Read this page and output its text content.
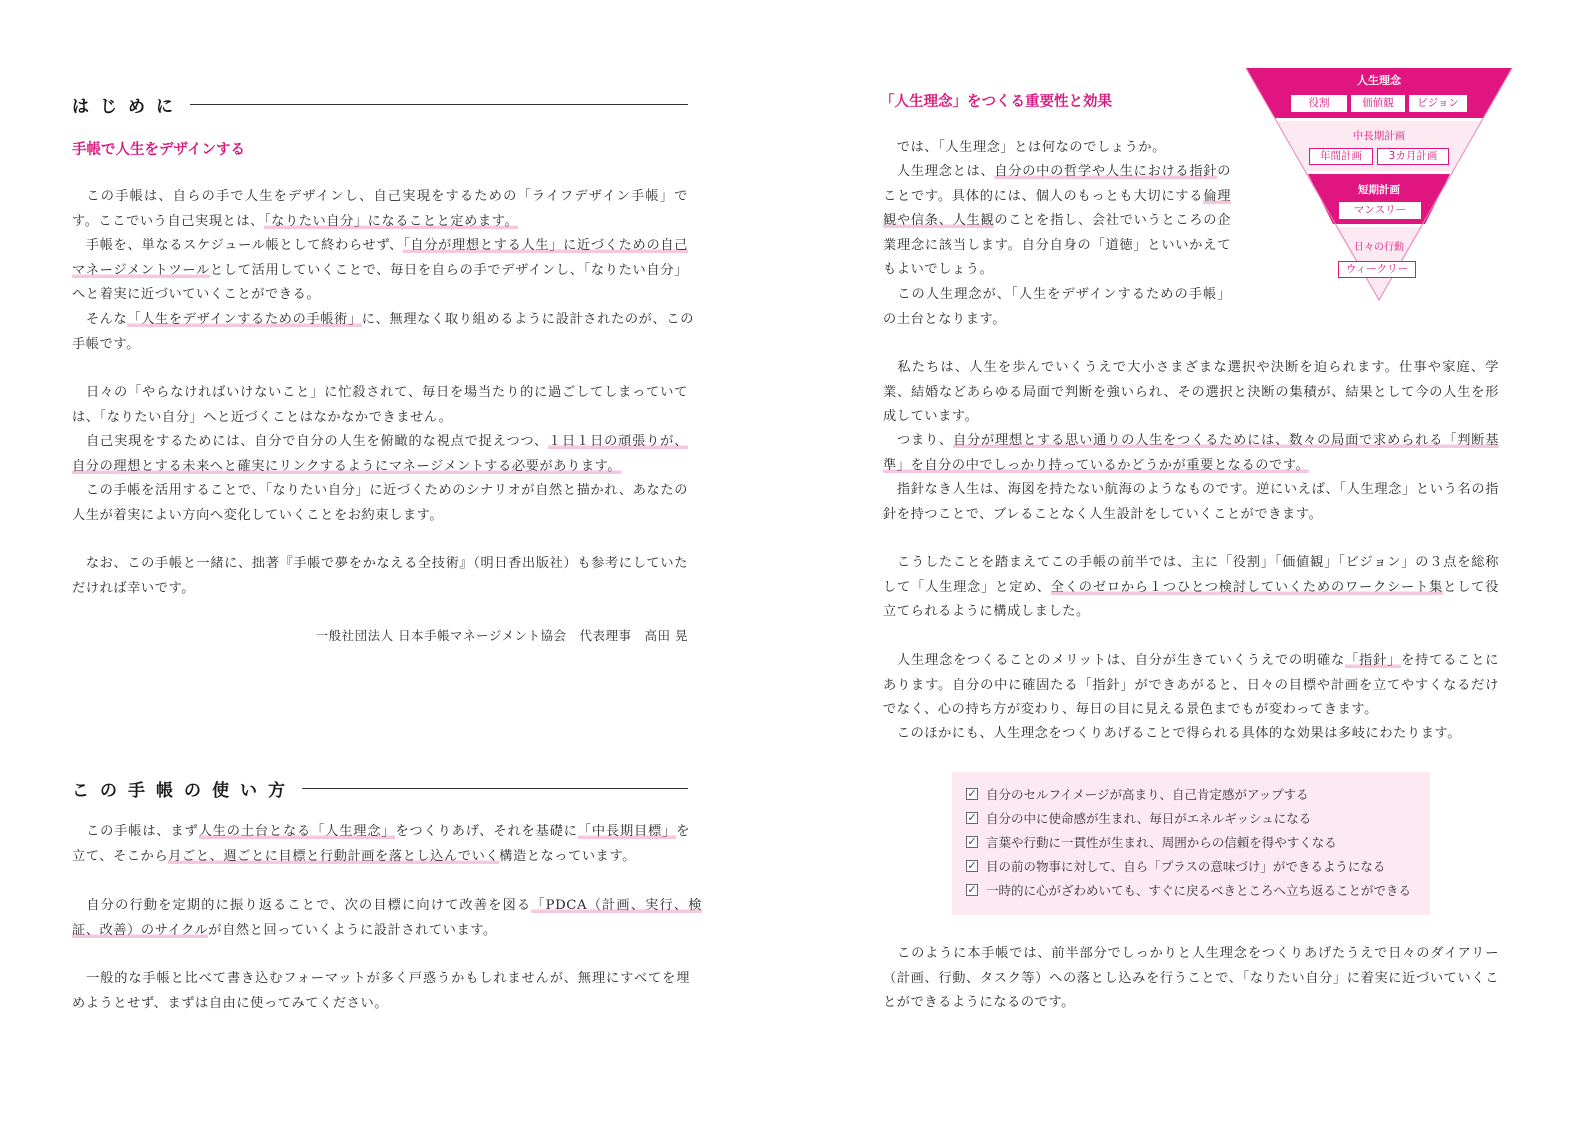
はじめに
手帳で人生をデザインする

　この手帳は、自らの手で人生をデザインし、自己実現をするための「ライフデザイン手帳」です。ここでいう自己実現とは、「なりたい自分」になることと定めます。

　手帳を、単なるスケジュール帳として終わらせず、「自分が理想とする人生」に近づくための自己マネージメントツールとして活用していくことで、毎日を自らの手でデザインし、「なりたい自分」へと着実に近づいていくことができる。

　そんな「人生をデザインするための手帳術」に、無理なく取り組めるように設計されたのが、この手帳です。

　日々の「やらなければいけないこと」に忙殺されて、毎日を場当たり的に過ごしてしまっていては、「なりたい自分」へと近づくことはなかなかできません。

　自己実現をするためには、自分で自分の人生を俯瞰的な視点で捉えつつ、１日１日の頑張りが、自分の理想とする未来へと確実にリンクするようにマネージメントする必要があります。

　この手帳を活用することで、「なりたい自分」に近づくためのシナリオが自然と描かれ、あなたの人生が着実によい方向へ変化していくことをお約束します。

　なお、この手帳と一緒に、拙著『手帳で夢をかなえる全技術』（明日香出版社）も参考にしていただければ幸いです。

一般社団法人 日本手帳マネージメント協会　代表理事　高田 晃
この手帳の使い方

　この手帳は、まず人生の土台となる「人生理念」をつくりあげ、それを基礎に「中長期目標」を立て、そこから月ごと、週ごとに目標と行動計画を落とし込んでいく構造となっています。

　自分の行動を定期的に振り返ることで、次の目標に向けて改善を図る「PDCA（計画、実行、検証、改善）のサイクルが自然と回っていくように設計されています。

　一般的な手帳と比べて書き込むフォーマットが多く戸惑うかもしれませんが、無理にすべてを埋めようとせず、まずは自由に使ってみてください。

「人生理念」をつくる重要性と効果

　では、「人生理念」とは何なのでしょうか。

　人生理念とは、自分の中の哲学や人生における指針のことです。具体的には、個人のもっとも大切にする倫理観や信条、人生観のことを指し、会社でいうところの企業理念に該当します。自分自身の「道徳」といいかえてもよいでしょう。

　この人生理念が、「人生をデザインするための手帳」の土台となります。

人生理念
役割	価値観	ビジョン
中長期計画
年間計画	3カ月計画
短期計画
マンスリー
日々の行動
ウィークリー

　私たちは、人生を歩んでいくうえで大小さまざまな選択や決断を迫られます。仕事や家庭、学業、結婚などあらゆる局面で判断を強いられ、その選択と決断の集積が、結果として今の人生を形成しています。

　つまり、自分が理想とする思い通りの人生をつくるためには、数々の局面で求められる「判断基準」を自分の中でしっかり持っているかどうかが重要となるのです。

　指針なき人生は、海図を持たない航海のようなものです。逆にいえば、「人生理念」という名の指針を持つことで、ブレることなく人生設計をしていくことができます。

　こうしたことを踏まえてこの手帳の前半では、主に「役割」「価値観」「ビジョン」の３点を総称して「人生理念」と定め、全くのゼロから１つひとつ検討していくためのワークシート集として役立てられるように構成しました。

　人生理念をつくることのメリットは、自分が生きていくうえでの明確な「指針」を持てることにあります。自分の中に確固たる「指針」ができあがると、日々の目標や計画を立てやすくなるだけでなく、心の持ち方が変わり、毎日の目に見える景色までもが変わってきます。

　このほかにも、人生理念をつくりあげることで得られる具体的な効果は多岐にわたります。

✓ 自分のセルフイメージが高まり、自己肯定感がアップする
✓ 自分の中に使命感が生まれ、毎日がエネルギッシュになる
✓ 言葉や行動に一貫性が生まれ、周囲からの信頼を得やすくなる
✓ 目の前の物事に対して、自ら「プラスの意味づけ」ができるようになる
✓ 一時的に心がざわめいても、すぐに戻るべきところへ立ち返ることができる

　このように本手帳では、前半部分でしっかりと人生理念をつくりあげたうえで日々のダイアリー（計画、行動、タスク等）への落とし込みを行うことで、「なりたい自分」に着実に近づいていくことができるようになるのです。
